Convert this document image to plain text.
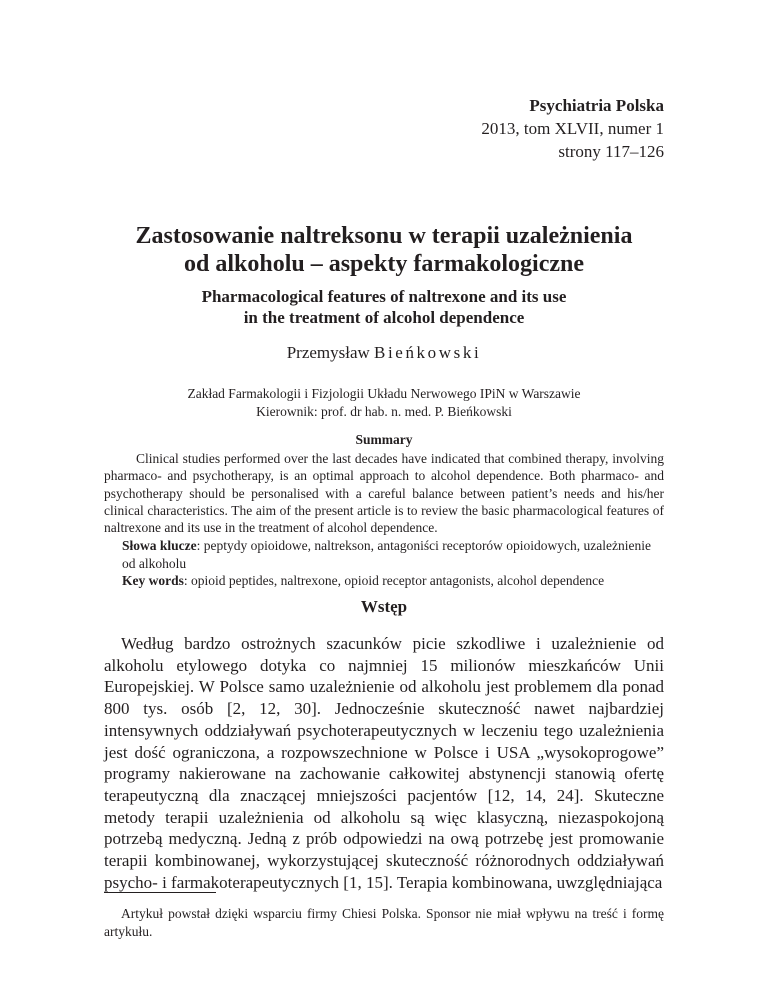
Psychiatria Polska
2013, tom XLVII, numer 1
strony 117–126
Zastosowanie naltreksonu w terapii uzależnienia
od alkoholu – aspekty farmakologiczne
Pharmacological features of naltrexone and its use
in the treatment of alcohol dependence
Przemysław Bieńkowski
Zakład Farmakologii i Fizjologii Układu Nerwowego IPiN w Warszawie
Kierownik: prof. dr hab. n. med. P. Bieńkowski
Summary

Clinical studies performed over the last decades have indicated that combined therapy, involving pharmaco- and psychotherapy, is an optimal approach to alcohol dependence. Both pharmaco- and psychotherapy should be personalised with a careful balance between patient’s needs and his/her clinical characteristics. The aim of the present article is to review the basic pharmacological features of naltrexone and its use in the treatment of alcohol dependence.

Słowa klucze: peptydy opioidowe, naltrekson, antagoniści receptorów opioidowych, uzależnienie od alkoholu
Key words: opioid peptides, naltrexone, opioid receptor antagonists, alcohol dependence
Wstęp

Według bardzo ostrożnych szacunków picie szkodliwe i uzależnienie od alkoholu etylowego dotyka co najmniej 15 milionów mieszkańców Unii Europejskiej. W Polsce samo uzależnienie od alkoholu jest problemem dla ponad 800 tys. osób [2, 12, 30]. Jednocześnie skuteczność nawet najbardziej intensywnych oddziaływań psychoterapeutycznych w leczeniu tego uzależnienia jest dość ograniczona, a rozpowszechnione w Polsce i USA „wysokoprogowe” programy nakierowane na zachowanie całkowitej abstynencji stanowią ofertę terapeutyczną dla znaczącej mniejszości pacjentów [12, 14, 24]. Skuteczne metody terapii uzależnienia od alkoholu są więc klasyczną, niezaspokojoną potrzebą medyczną. Jedną z prób odpowiedzi na ową potrzebę jest promowanie terapii kombinowanej, wykorzystującej skuteczność różnorodnych oddziaływań psycho- i farmakoterapeutycznych [1, 15]. Terapia kombinowana, uwzględniająca

Artykuł powstał dzięki wsparciu firmy Chiesi Polska. Sponsor nie miał wpływu na treść i formę artykułu.
